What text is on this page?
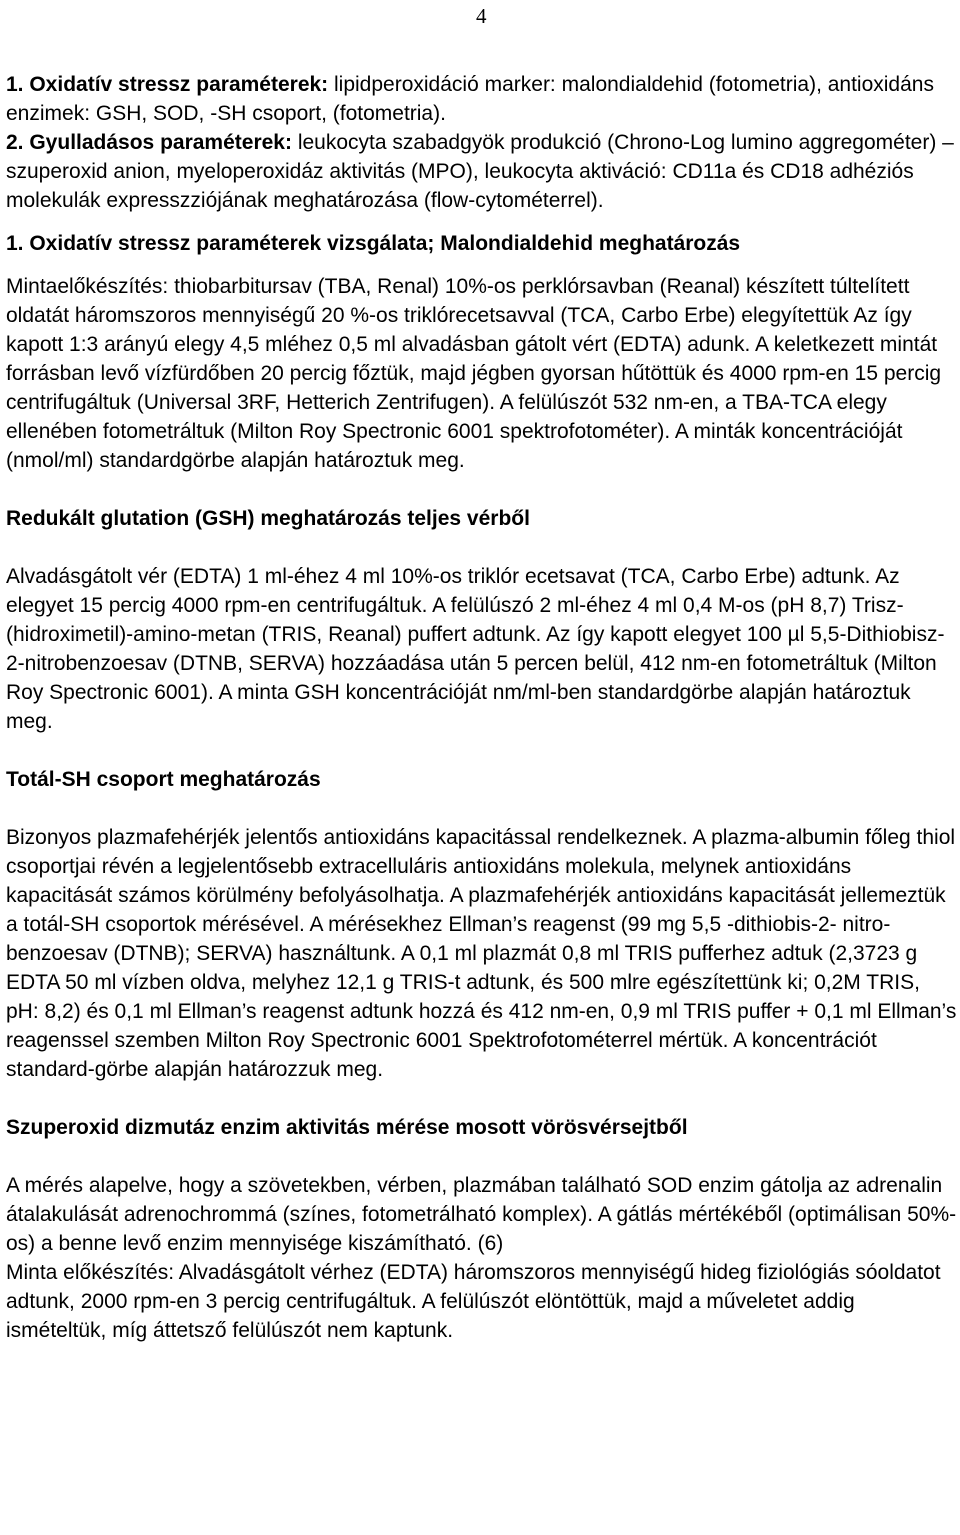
4

1. Oxidatív stressz paraméterek: lipidperoxidáció marker: malondialdehid (fotometria), antioxidáns enzimek: GSH, SOD, -SH csoport, (fotometria).

2. Gyulladásos paraméterek: leukocyta szabadgyök produkció (Chrono-Log lumino aggregométer) – szuperoxid anion, myeloperoxidáz aktivitás (MPO), leukocyta aktiváció: CD11a és CD18 adhéziós molekulák expresszziójának meghatározása (flow-cytométerrel).

1. Oxidatív stressz paraméterek vizsgálata; Malondialdehid meghatározás

Mintaelőkészítés: thiobarbitursav (TBA, Renal) 10%-os perklórsavban (Reanal) készített túltelített oldatát háromszoros mennyiségű 20 %-os triklórecetsavval (TCA, Carbo Erbe) elegyítettük Az így kapott 1:3 arányú elegy 4,5 mléhez 0,5 ml alvadásban gátolt vért (EDTA) adunk. A keletkezett mintát forrásban levő vízfürdőben 20 percig főztük, majd jégben gyorsan hűtöttük és 4000 rpm-en 15 percig centrifugáltuk (Universal 3RF, Hetterich Zentrifugen). A felülúszót 532 nm-en, a TBA-TCA elegy ellenében fotometráltuk (Milton Roy Spectronic 6001 spektrofotométer). A minták koncentrációját (nmol/ml) standardgörbe alapján határoztuk meg.

Redukált glutation (GSH) meghatározás teljes vérből

Alvadásgátolt vér (EDTA) 1 ml-éhez 4 ml 10%-os triklór ecetsavat (TCA, Carbo Erbe) adtunk. Az elegyet 15 percig 4000 rpm-en centrifugáltuk. A felülúszó 2 ml-éhez 4 ml 0,4 M-os (pH 8,7) Trisz-(hidroximetil)-amino-metan (TRIS, Reanal) puffert adtunk. Az így kapott elegyet 100 µl 5,5-Dithiobisz-2-nitrobenzoesav (DTNB, SERVA) hozzáadása után 5 percen belül, 412 nm-en fotometráltuk (Milton Roy Spectronic 6001). A minta GSH koncentrációját nm/ml-ben standardgörbe alapján határoztuk meg.

Totál-SH csoport meghatározás

Bizonyos plazmafehérjék jelentős antioxidáns kapacitással rendelkeznek. A plazma-albumin főleg thiol csoportjai révén a legjelentősebb extracelluláris antioxidáns molekula, melynek antioxidáns kapacitását számos körülmény befolyásolhatja. A plazmafehérjék antioxidáns kapacitását jellemeztük a totál-SH csoportok mérésével. A mérésekhez Ellman’s reagenst (99 mg 5,5 -dithiobis-2- nitro-benzoesav (DTNB); SERVA) használtunk. A 0,1 ml plazmát 0,8 ml TRIS pufferhez adtuk (2,3723 g EDTA 50 ml vízben oldva, melyhez 12,1 g TRIS-t adtunk, és 500 mlre egészítettünk ki; 0,2M TRIS, pH: 8,2) és 0,1 ml Ellman’s reagenst adtunk hozzá és 412 nm-en, 0,9 ml TRIS puffer + 0,1 ml Ellman’s reagenssel szemben Milton Roy Spectronic 6001 Spektrofotométerrel mértük. A koncentrációt standard-görbe alapján határozzuk meg.

Szuperoxid dizmutáz enzim aktivitás mérése mosott vörösvérsejtből

A mérés alapelve, hogy a szövetekben, vérben, plazmában található SOD enzim gátolja az adrenalin átalakulását adrenochrommá (színes, fotometrálható komplex). A gátlás mértékéből (optimálisan 50%-os) a benne levő enzim mennyisége kiszámítható. (6)

Minta előkészítés: Alvadásgátolt vérhez (EDTA) háromszoros mennyiségű hideg fiziológiás sóoldatot adtunk, 2000 rpm-en 3 percig centrifugáltuk. A felülúszót elöntöttük, majd a műveletet addig ismételtük, míg áttetsző felülúszót nem kaptunk.
